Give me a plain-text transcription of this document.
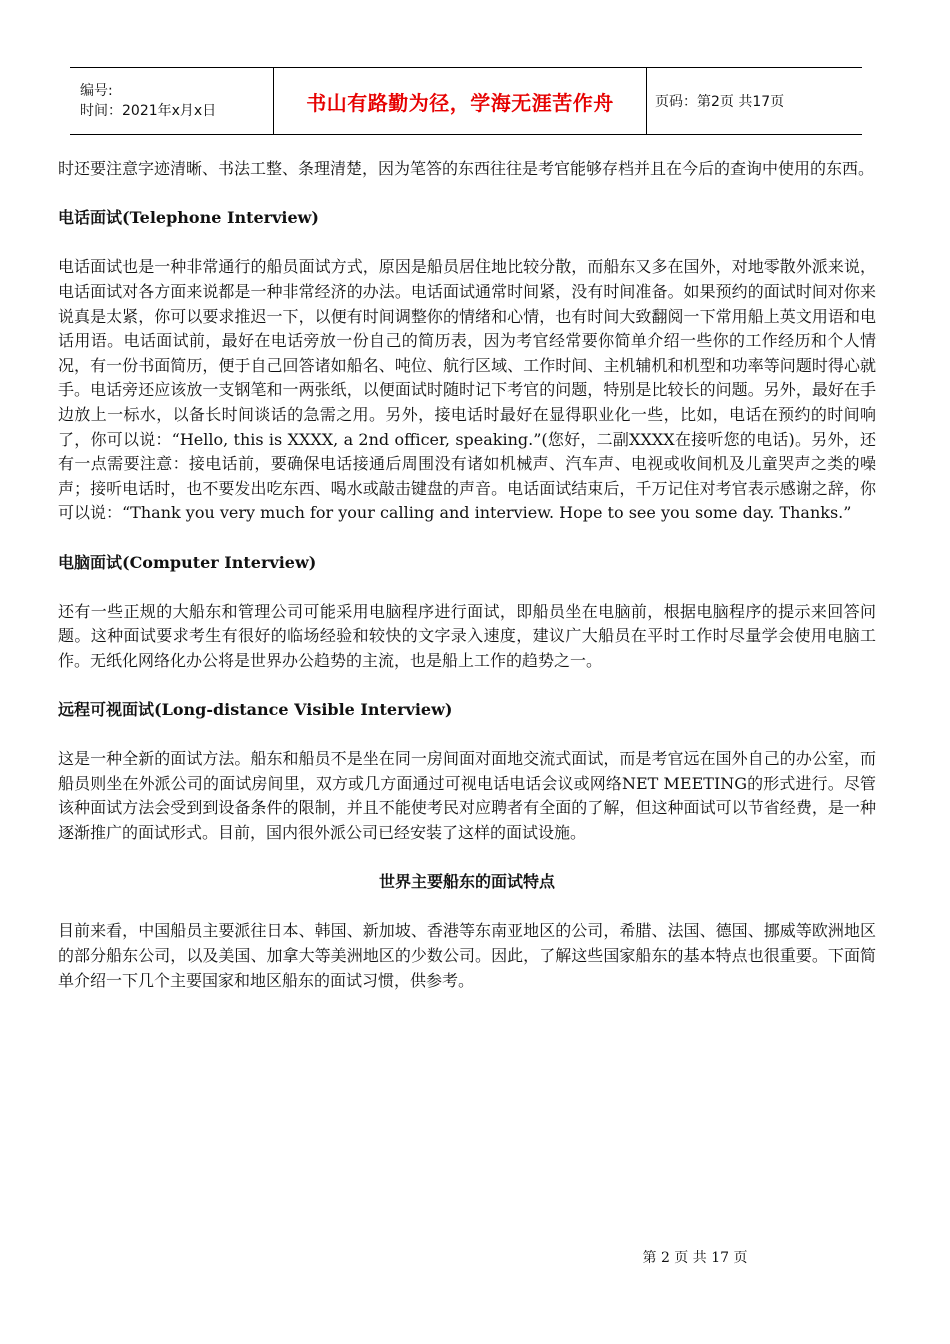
编号:
时间：2021年x月x日	书山有路勤为径，学海无涯苦作舟	页码：第2页 共17页

时还要注意字迹清晰、书法工整、条理清楚，因为笔答的东西往往是考官能够存档并且在今后的查询中使用的东西。

电话面试(Telephone Interview)

电话面试也是一种非常通行的船员面试方式，原因是船员居住地比较分散，而船东又多在国外，对地零散外派来说，电话面试对各方面来说都是一种非常经济的办法。电话面试通常时间紧，没有时间准备。如果预约的面试时间对你来说真是太紧，你可以要求推迟一下，以便有时间调整你的情绪和心情，也有时间大致翻阅一下常用船上英文用语和电话用语。电话面试前，最好在电话旁放一份自己的简历表，因为考官经常要你简单介绍一些你的工作经历和个人情况，有一份书面简历，便于自己回答诸如船名、吨位、航行区域、工作时间、主机辅机和机型和功率等问题时得心就手。电话旁还应该放一支钢笔和一两张纸，以便面试时随时记下考官的问题，特别是比较长的问题。另外，最好在手边放上一标水，以备长时间谈话的急需之用。另外，接电话时最好在显得职业化一些，比如，电话在预约的时间响了，你可以说：“Hello, this is XXXX, a 2nd officer, speaking.”(您好，二副XXXX在接听您的电话)。另外，还有一点需要注意：接电话前，要确保电话接通后周围没有诸如机械声、汽车声、电视或收间机及儿童哭声之类的噪声；接听电话时，也不要发出吃东西、喝水或敲击键盘的声音。电话面试结束后，千万记住对考官表示感谢之辞，你可以说：“Thank you very much for your calling and interview. Hope to see you some day. Thanks.”

电脑面试(Computer Interview)

还有一些正规的大船东和管理公司可能采用电脑程序进行面试，即船员坐在电脑前，根据电脑程序的提示来回答问题。这种面试要求考生有很好的临场经验和较快的文字录入速度，建议广大船员在平时工作时尽量学会使用电脑工作。无纸化网络化办公将是世界办公趋势的主流，也是船上工作的趋势之一。

远程可视面试(Long-distance Visible Interview)

这是一种全新的面试方法。船东和船员不是坐在同一房间面对面地交流式面试，而是考官远在国外自己的办公室，而船员则坐在外派公司的面试房间里，双方或几方面通过可视电话电话会议或网络NET MEETING的形式进行。尽管该种面试方法会受到到设备条件的限制，并且不能使考民对应聘者有全面的了解，但这种面试可以节省经费，是一种逐渐推广的面试形式。目前，国内很外派公司已经安装了这样的面试设施。

世界主要船东的面试特点

目前来看，中国船员主要派往日本、韩国、新加坡、香港等东南亚地区的公司，希腊、法国、德国、挪威等欧洲地区的部分船东公司，以及美国、加拿大等美洲地区的少数公司。因此，了解这些国家船东的基本特点也很重要。下面简单介绍一下几个主要国家和地区船东的面试习惯，供参考。

第 2 页 共 17 页
